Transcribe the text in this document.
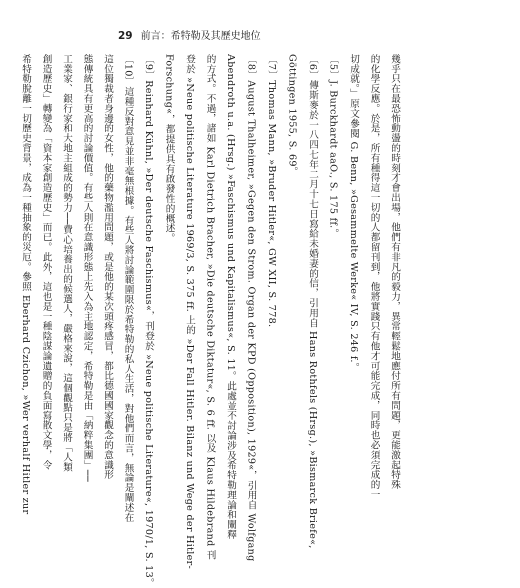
29 前言：希特勒及其歷史地位

幾乎只在最恐怖動盪的時刻才會出場，他們有非凡的毅力，異常輕鬆地應付所有問題，更能激起特殊

的化學反應。於是，所有種得這一切的人都留刊到，他將實踐只有他才可能完成，同時也必須完成的一

切成就。」原文參閱 G. Benn, »Gesammelte Werke« IV, S. 246 f.。

〔5〕J. Burckhardt aaO., S. 175 ff.。

〔6〕傳斯麥於一八四七年二月十七日寫給未婚妻的信，引用自 Hans Rothfels (Hrsg.), »Bismarck Briefe«,

Göttingen 1955, S. 69。

〔7〕Thomas Mann, »Bruder Hitler«, GW XII, S. 778.

〔8〕August Thalheimer, »Gegen den Strom. Organ der KPD (Opposition), 1929«，引用自 Wolfgang

Abendroth u.a. (Hrsg.) »Faschismus und Kapitalismus«, S. 11。此處並不討論涉及希特勒理論和闡釋

的方式。不過，諸如 Karl Dietrich Bracher, »Die deutsche Diktatur«, S. 6 ff. 以及 Klaus Hildebrand 刊

登於 »Neue politische Literature 1969/3, S. 375 ff. 上的 »Der Fall Hitler. Bilanz und Wege der Hitler-

Forschung«，都提供具有啟發性的概述。

〔9〕Reinhard Kühnl, »Der deutsche Faschismus«，刊登於 »Neue politische Literature«, 1970/1, S. 13。

〔10〕這種反對意見並非毫無根據。有些人將討論範圍限於希特勒的私人生活，對他們而言，無論是闡述在

這位獨裁者身邊的女性，他的藥物濫用問題，或是他的某次頭疼感冒，都比德國國家觀念的意識形

態傳統具有更高的討論價值。有些人則在意識形態上先入為主地認定，希特勒是由「納粹集團」──

工業家、銀行家和大地主組成的勢力──費心培養出的候選人，嚴格來說，這個觀點只是將「人類

創造歷史」轉變為「資本家創造歷史」而已。此外，這也是一種陰謀論遺贈的負面寫散文學，令

希特勒脫離一切歷史背景，成為一種抽象的災厄。參照 Eberhard Czichon, »Wer verhalf Hitler zur
